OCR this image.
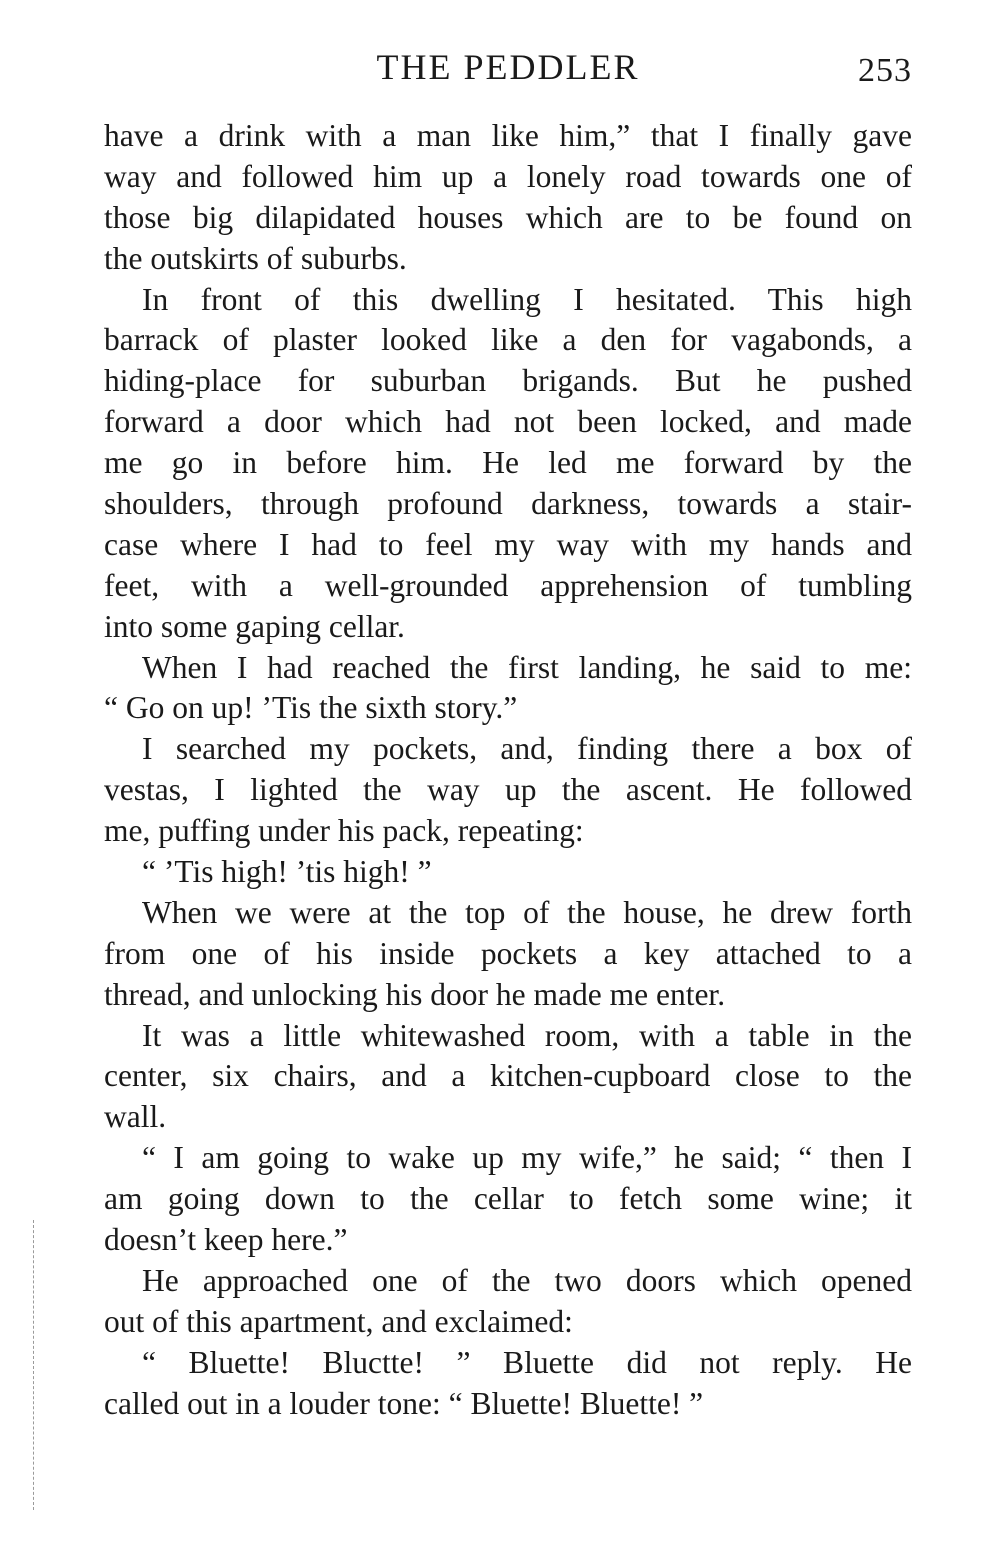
THE PEDDLER	253
have a drink with a man like him,” that I finally gave
way and followed him up a lonely road towards one of
those big dilapidated houses which are to be found on
the outskirts of suburbs.
In front of this dwelling I hesitated. This high
barrack of plaster looked like a den for vagabonds, a
hiding-place for suburban brigands. But he pushed
forward a door which had not been locked, and made
me go in before him. He led me forward by the
shoulders, through profound darkness, towards a stair-
case where I had to feel my way with my hands and
feet, with a well-grounded apprehension of tumbling
into some gaping cellar.
When I had reached the first landing, he said to me:
“ Go on up! ’Tis the sixth story.”
I searched my pockets, and, finding there a box of
vestas, I lighted the way up the ascent. He followed
me, puffing under his pack, repeating:
“ ’Tis high! ’tis high! ”
When we were at the top of the house, he drew forth
from one of his inside pockets a key attached to a
thread, and unlocking his door he made me enter.
It was a little whitewashed room, with a table in the
center, six chairs, and a kitchen-cupboard close to the
wall.
“ I am going to wake up my wife,” he said; “ then I
am going down to the cellar to fetch some wine; it
doesn’t keep here.”
He approached one of the two doors which opened
out of this apartment, and exclaimed:
“ Bluette! Bluctte! ” Bluette did not reply. He
called out in a louder tone: “ Bluette! Bluette! ”
